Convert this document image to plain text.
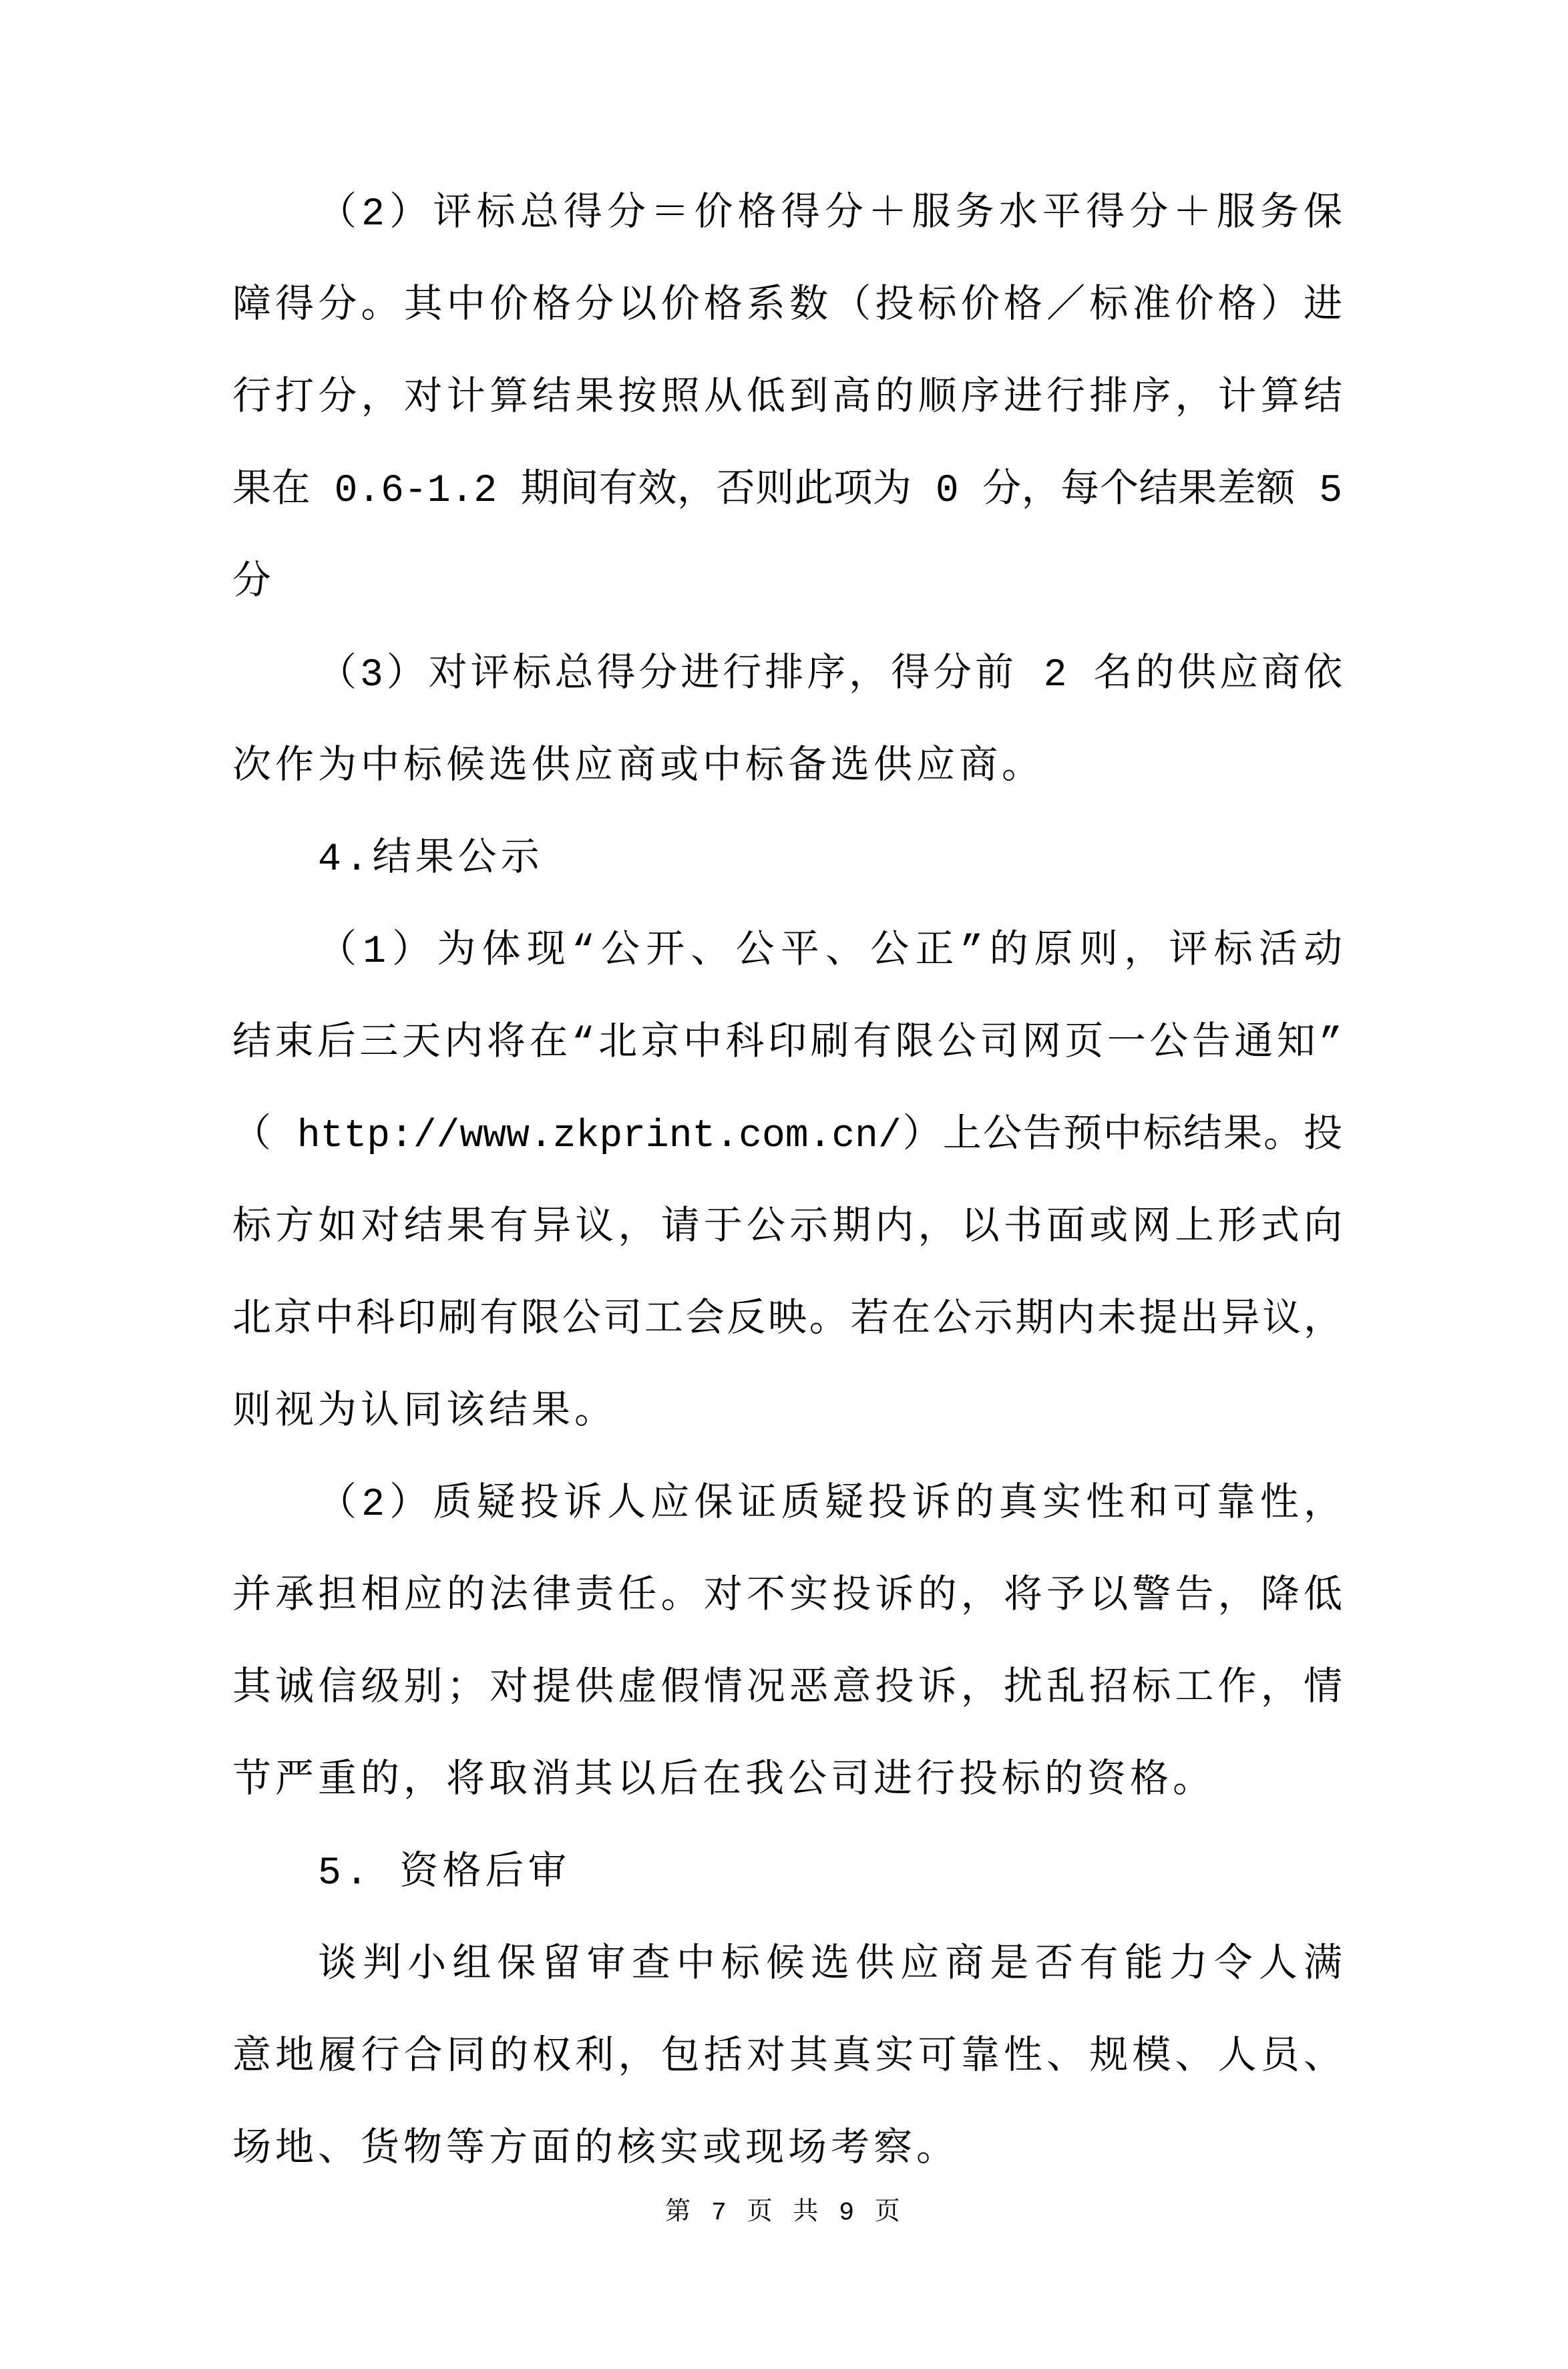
（2）评标总得分＝价格得分＋服务水平得分＋服务保
障得分。其中价格分以价格系数（投标价格／标准价格）进
行打分，对计算结果按照从低到高的顺序进行排序，计算结
果在 0.6-1.2 期间有效，否则此项为 0 分，每个结果差额 5
分
（3）对评标总得分进行排序，得分前 2 名的供应商依
次作为中标候选供应商或中标备选供应商。
4.结果公示
（1）为体现“公开、公平、公正”的原则，评标活动
结束后三天内将在“北京中科印刷有限公司网页一公告通知”
（ http://www.zkprint.com.cn/）上公告预中标结果。投
标方如对结果有异议，请于公示期内，以书面或网上形式向
北京中科印刷有限公司工会反映。若在公示期内未提出异议，
则视为认同该结果。
（2）质疑投诉人应保证质疑投诉的真实性和可靠性，
并承担相应的法律责任。对不实投诉的，将予以警告，降低
其诚信级别；对提供虚假情况恶意投诉，扰乱招标工作，情
节严重的，将取消其以后在我公司进行投标的资格。
5. 资格后审
谈判小组保留审查中标候选供应商是否有能力令人满
意地履行合同的权利，包括对其真实可靠性、规模、人员、
场地、货物等方面的核实或现场考察。
第 7 页 共 9 页
